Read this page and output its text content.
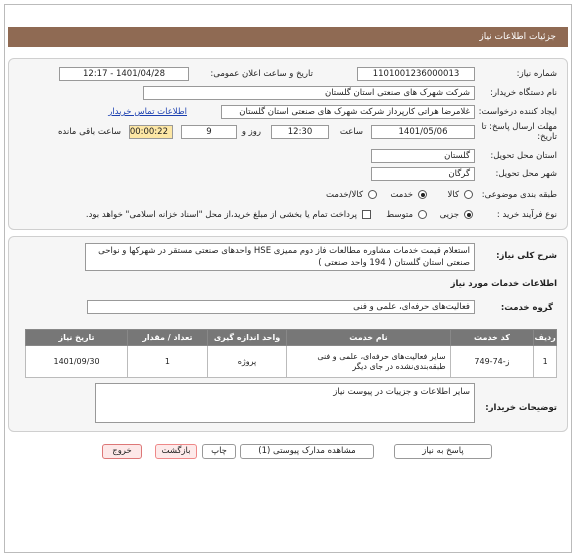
جزئیات اطلاعات نیاز
شماره نیاز:
1101001236000013
تاریخ و ساعت اعلان عمومی:
1401/04/28 - 12:17
نام دستگاه خریدار:
شرکت شهرک های صنعتی استان گلستان
ایجاد کننده درخواست:
غلامرضا هراتی کارپرداز شرکت شهرک های صنعتی استان گلستان
اطلاعات تماس خریدار
مهلت ارسال پاسخ: تا تاریخ:
1401/05/06
ساعت
12:30
9	روز و
00:00:22
ساعت باقی مانده
استان محل تحویل:
گلستان
شهر محل تحویل:
گرگان
طبقه بندی موضوعی:
کالا
خدمت
کالا/خدمت
نوع فرآیند خرید :
جزیی
متوسط
پرداخت تمام یا بخشی از مبلغ خرید،از محل "اسناد خزانه اسلامی" خواهد بود.
شرح کلی نیاز:
استعلام قیمت خدمات مشاوره مطالعات فاز دوم ممیزی HSE واحدهای صنعتی مستقر در شهرکها و نواحی صنعتی استان گلستان ( 194 واحد صنعتی )
اطلاعات خدمات مورد نیاز
گروه خدمت:
فعالیت‌های حرفه‌ای، علمی و فنی
ردیف	کد خدمت	نام خدمت	واحد اندازه گیری	تعداد / مقدار	تاریخ نیاز
1	ز-74-749	سایر فعالیت‌های حرفه‌ای، علمی و فنی طبقه‌بندی‌نشده در جای دیگر	پروژه	1	1401/09/30
توضیحات خریدار:
سایر اطلاعات و جزییات در پیوست نیاز
پاسخ به نیاز
مشاهده مدارک پیوستی (1)
چاپ
بازگشت
خروج
